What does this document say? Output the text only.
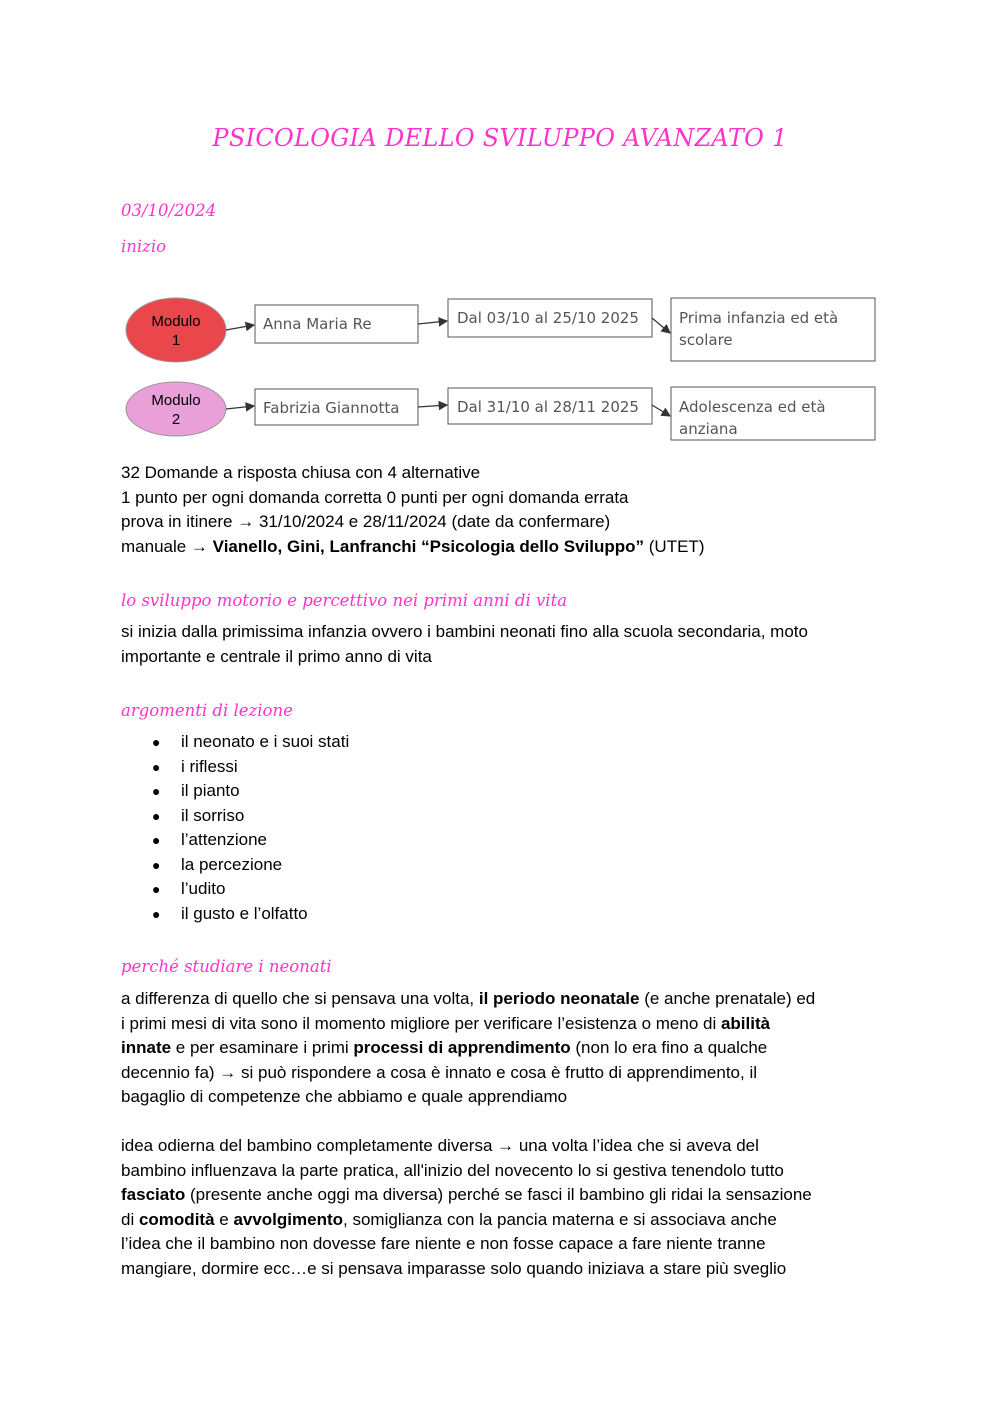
PSICOLOGIA DELLO SVILUPPO AVANZATO 1
03/10/2024
inizio
Modulo
1
Anna Maria Re	Dal 03/10 al 25/10 2025	Prima infanzia ed età
scolare
Modulo
2
Fabrizia Giannotta	Dal 31/10 al 28/11 2025	Adolescenza ed età
anziana
32 Domande a risposta chiusa con 4 alternative
1 punto per ogni domanda corretta 0 punti per ogni domanda errata
prova in itinere → 31/10/2024 e 28/11/2024 (date da confermare)
manuale → Vianello, Gini, Lanfranchi “Psicologia dello Sviluppo” (UTET)
lo sviluppo motorio e percettivo nei primi anni di vita
si inizia dalla primissima infanzia ovvero i bambini neonati fino alla scuola secondaria, moto
importante e centrale il primo anno di vita
argomenti di lezione
● il neonato e i suoi stati
● i riflessi
● il pianto
● il sorriso
● l’attenzione
● la percezione
● l’udito
● il gusto e l’olfatto
perché studiare i neonati
a differenza di quello che si pensava una volta, il periodo neonatale (e anche prenatale) ed
i primi mesi di vita sono il momento migliore per verificare l’esistenza o meno di abilità
innate e per esaminare i primi processi di apprendimento (non lo era fino a qualche
decennio fa) → si può rispondere a cosa è innato e cosa è frutto di apprendimento, il
bagaglio di competenze che abbiamo e quale apprendiamo
idea odierna del bambino completamente diversa → una volta l’idea che si aveva del
bambino influenzava la parte pratica, all'inizio del novecento lo si gestiva tenendolo tutto
fasciato (presente anche oggi ma diversa) perché se fasci il bambino gli ridai la sensazione
di comodità e avvolgimento, somiglianza con la pancia materna e si associava anche
l’idea che il bambino non dovesse fare niente e non fosse capace a fare niente tranne
mangiare, dormire ecc…e si pensava imparasse solo quando iniziava a stare più sveglio
